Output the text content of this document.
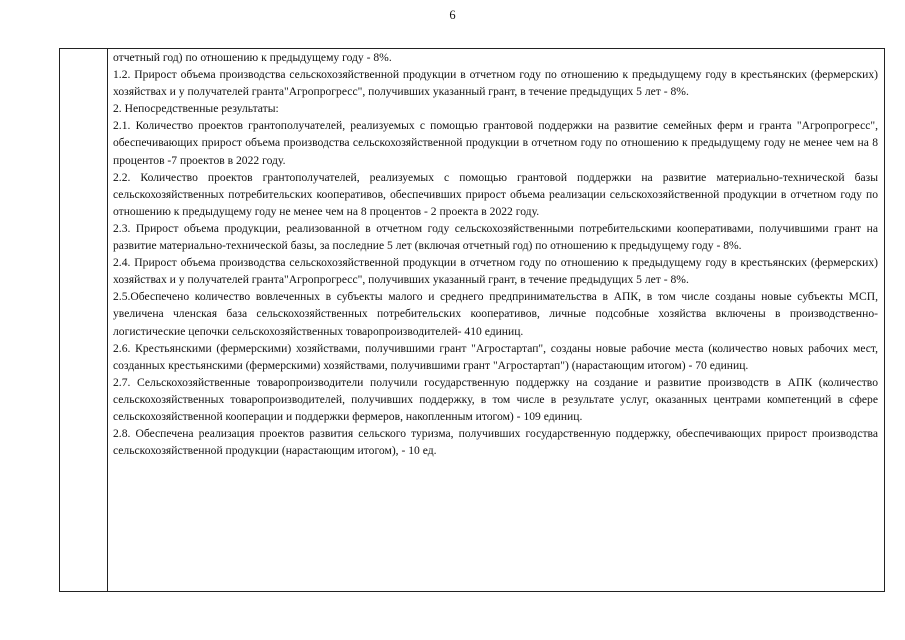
6

отчетный год) по отношению к предыдущему году - 8%.

1.2. Прирост объема производства сельскохозяйственной продукции в отчетном году по отношению к предыдущему году в крестьянских (фермерских) хозяйствах и у получателей гранта"Агропрогресс", получивших указанный грант, в течение предыдущих 5 лет - 8%.

2. Непосредственные результаты:

2.1. Количество проектов грантополучателей, реализуемых с помощью грантовой поддержки на развитие семейных ферм и гранта "Агропрогресс", обеспечивающих прирост объема производства сельскохозяйственной продукции в отчетном году по отношению к предыдущему году не менее чем на 8 процентов -7 проектов в 2022 году.

2.2. Количество проектов грантополучателей, реализуемых с помощью грантовой поддержки на развитие материально-технической базы сельскохозяйственных потребительских кооперативов, обеспечивших прирост объема реализации сельскохозяйственной продукции в отчетном году по отношению к предыдущему году не менее чем на 8 процентов - 2 проекта в 2022 году.

2.3. Прирост объема продукции, реализованной в отчетном году сельскохозяйственными потребительскими кооперативами, получившими грант на развитие материально-технической базы, за последние 5 лет (включая отчетный год) по отношению к предыдущему году - 8%.

2.4. Прирост объема производства сельскохозяйственной продукции в отчетном году по отношению к предыдущему году в крестьянских (фермерских) хозяйствах и у получателей гранта"Агропрогресс", получивших указанный грант, в течение предыдущих 5 лет - 8%.

2.5.Обеспечено количество вовлеченных в субъекты малого и среднего предпринимательства в АПК, в том числе созданы новые субъекты МСП, увеличена членская база сельскохозяйственных потребительских кооперативов, личные подсобные хозяйства включены в производственно-логистические цепочки сельскохозяйственных товаропроизводителей- 410 единиц.

2.6. Крестьянскими (фермерскими) хозяйствами, получившими грант "Агростартап", созданы новые рабочие места (количество новых рабочих мест, созданных крестьянскими (фермерскими) хозяйствами, получившими грант "Агростартап") (нарастающим итогом) - 70 единиц.

2.7. Сельскохозяйственные товаропроизводители получили государственную поддержку на создание и развитие производств в АПК (количество сельскохозяйственных товаропроизводителей, получивших поддержку, в том числе в результате услуг, оказанных центрами компетенций в сфере сельскохозяйственной кооперации и поддержки фермеров, накопленным итогом) - 109 единиц.

2.8. Обеспечена реализация проектов развития сельского туризма, получивших государственную поддержку, обеспечивающих прирост производства сельскохозяйственной продукции (нарастающим итогом), - 10 ед.
